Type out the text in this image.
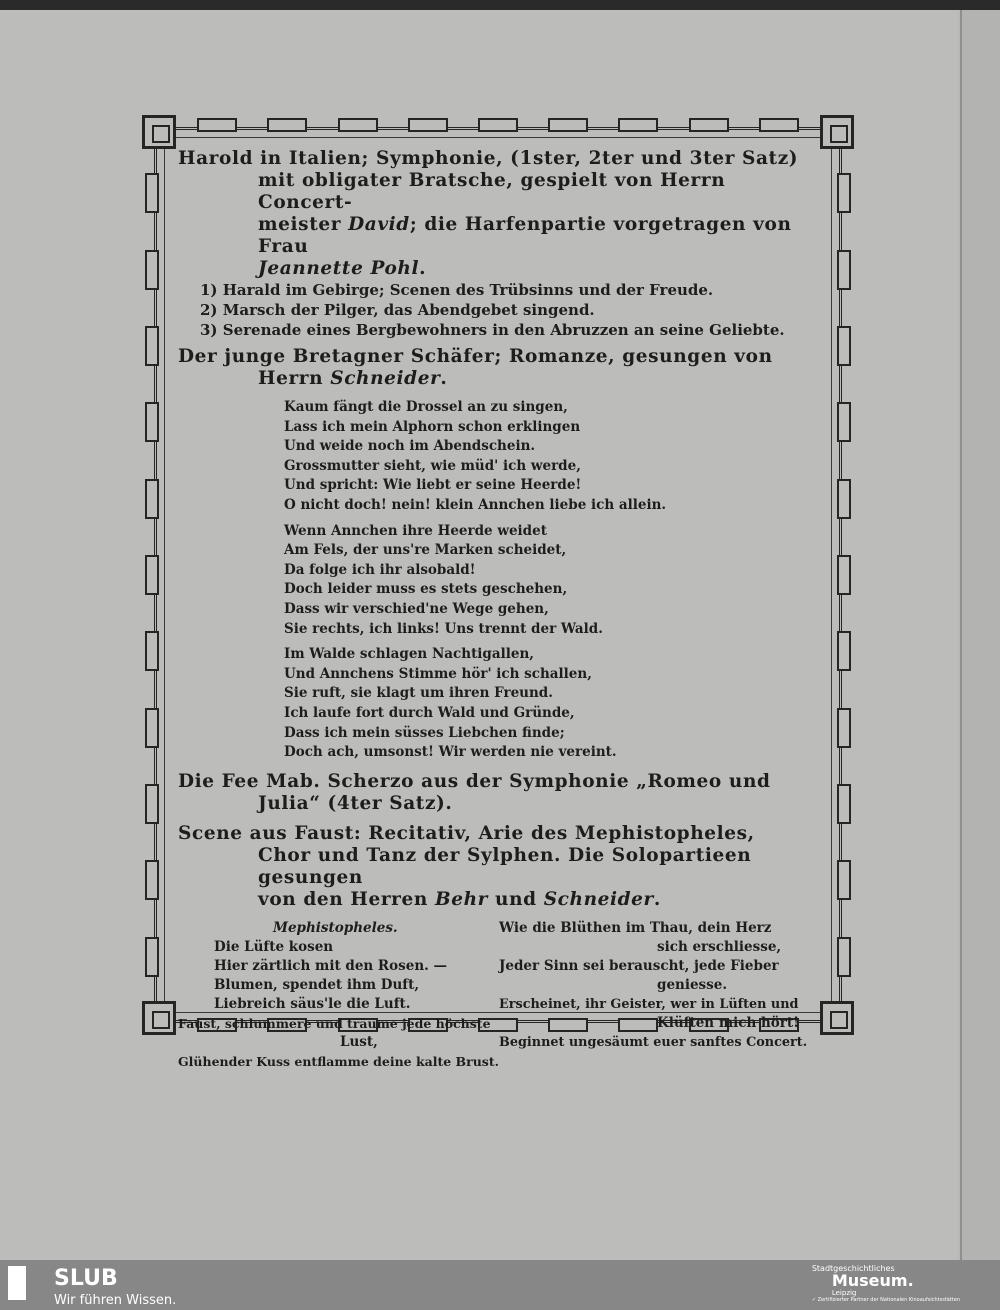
Harold in Italien; Symphonie, (1ster, 2ter und 3ter Satz)
mit obligater Bratsche, gespielt von Herrn Concert-
meister David; die Harfenpartie vorgetragen von Frau
Jeannette Pohl.
1) Harald im Gebirge; Scenen des Trübsinns und der Freude.
2) Marsch der Pilger, das Abendgebet singend.
3) Serenade eines Bergbewohners in den Abruzzen an seine Geliebte.
Der junge Bretagner Schäfer; Romanze, gesungen von
Herrn Schneider.
Kaum fängt die Drossel an zu singen,
Lass ich mein Alphorn schon erklingen
Und weide noch im Abendschein.
Grossmutter sieht, wie müd' ich werde,
Und spricht: Wie liebt er seine Heerde!
O nicht doch! nein! klein Annchen liebe ich allein.
Wenn Annchen ihre Heerde weidet
Am Fels, der uns're Marken scheidet,
Da folge ich ihr alsobald!
Doch leider muss es stets geschehen,
Dass wir verschied'ne Wege gehen,
Sie rechts, ich links! Uns trennt der Wald.
Im Walde schlagen Nachtigallen,
Und Annchens Stimme hör' ich schallen,
Sie ruft, sie klagt um ihren Freund.
Ich laufe fort durch Wald und Gründe,
Dass ich mein süsses Liebchen finde;
Doch ach, umsonst! Wir werden nie vereint.
Die Fee Mab. Scherzo aus der Symphonie „Romeo und
Julia“ (4ter Satz).
Scene aus Faust: Recitativ, Arie des Mephistopheles,
Chor und Tanz der Sylphen. Die Solopartieen gesungen
von den Herren Behr und Schneider.
Mephistopheles.
Die Lüfte kosen
Hier zärtlich mit den Rosen. —
Blumen, spendet ihm Duft,
Liebreich säus'le die Luft.
Faust, schlummere und träume jede höchste
Lust,
Glühender Kuss entflamme deine kalte Brust.
Wie die Blüthen im Thau, dein Herz
sich erschliesse,
Jeder Sinn sei berauscht, jede Fieber
geniesse.
Erscheinet, ihr Geister, wer in Lüften und
Klüften mich hört!
Beginnet ungesäumt euer sanftes Concert.
SLUB
Wir führen Wissen.
Stadtgeschichtliches
Museum.
Leipzig
✓ Zertifizierter Partner der Nationalen Kinoaufsichtsstätten
